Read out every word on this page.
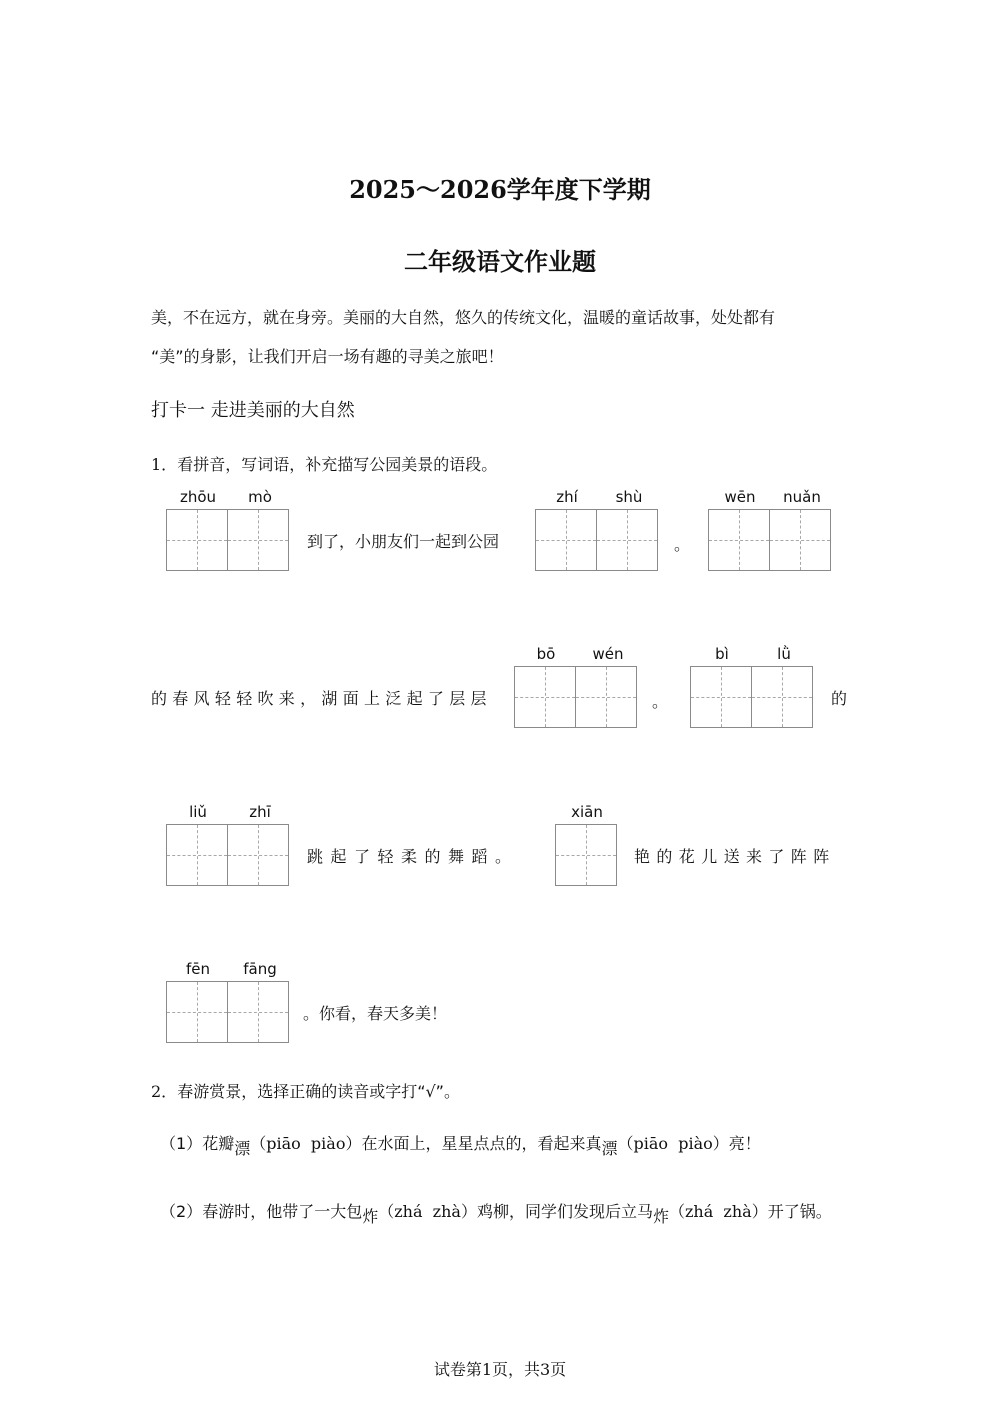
2025～2026学年度下学期
二年级语文作业题
美，不在远方，就在身旁。美丽的大自然，悠久的传统文化，温暖的童话故事，处处都有
“美”的身影，让我们开启一场有趣的寻美之旅吧！
打卡一 走进美丽的大自然
1．看拼音，写词语，补充描写公园美景的语段。
zhōu	mò
到了，小朋友们一起到公园
zhí	shù
。
wēn	nuǎn
的春风轻轻吹来，湖面上泛起了层层
bō	wén
。
bì	lǜ
的
liǔ	zhī
跳起了轻柔的舞蹈。
xiān
艳的花儿送来了阵阵
fēn	fāng
。你看，春天多美！
2．春游赏景，选择正确的读音或字打“√”。
（1）花瓣漂（piāo  piào）在水面上，星星点点的，看起来真漂（piāo  piào）亮！
（2）春游时，他带了一大包炸（zhá  zhà）鸡柳，同学们发现后立马炸（zhá  zhà）开了锅。
试卷第1页，共3页
